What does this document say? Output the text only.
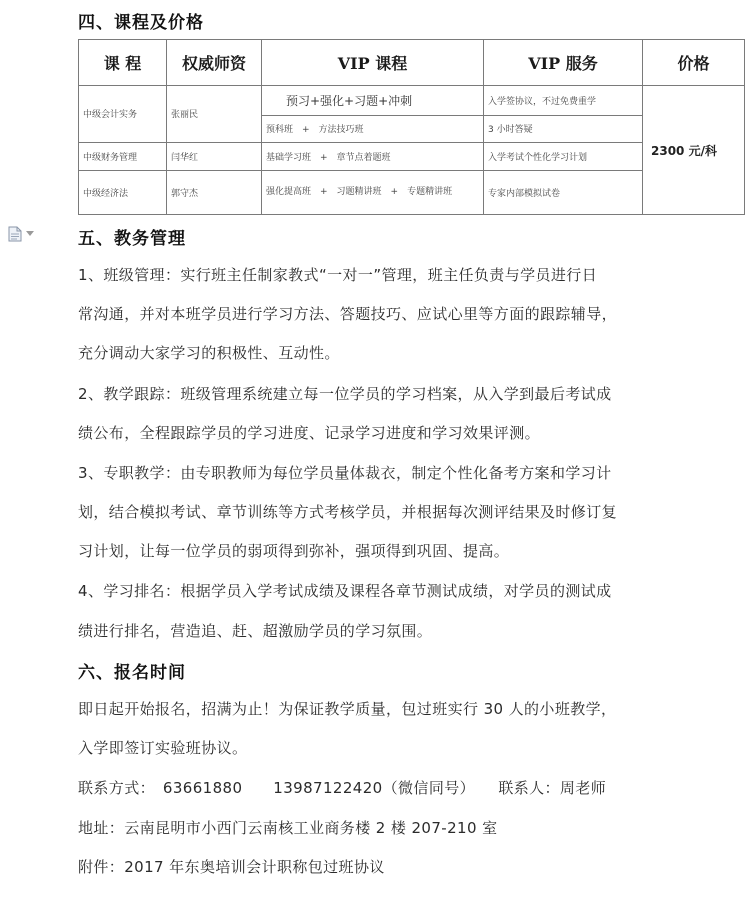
四、课程及价格
课 程	权威师资	VIP 课程	VIP 服务	价格
中级会计实务	张丽民	预习+强化+习题+冲刺	入学签协议，不过免费重学	2300 元/科
		预科班　+　方法技巧班	3 小时答疑	
中级财务管理	闫华红	基础学习班　+　章节点着题班	入学考试个性化学习计划	
中级经济法	郭守杰	强化提高班　+　习题精讲班　+　专题精讲班	专家内部模拟试卷	
五、教务管理
1、班级管理：实行班主任制家教式“一对一”管理，班主任负责与学员进行日
常沟通，并对本班学员进行学习方法、答题技巧、应试心里等方面的跟踪辅导，
充分调动大家学习的积极性、互动性。
2、教学跟踪：班级管理系统建立每一位学员的学习档案，从入学到最后考试成
绩公布，全程跟踪学员的学习进度、记录学习进度和学习效果评测。
3、专职教学：由专职教师为每位学员量体裁衣，制定个性化备考方案和学习计
划，结合模拟考试、章节训练等方式考核学员，并根据每次测评结果及时修订复
习计划，让每一位学员的弱项得到弥补，强项得到巩固、提高。
4、学习排名：根据学员入学考试成绩及课程各章节测试成绩，对学员的测试成
绩进行排名，营造追、赶、超激励学员的学习氛围。
六、报名时间
即日起开始报名，招满为止！为保证教学质量，包过班实行 30 人的小班教学，
入学即签订实验班协议。
联系方式：　63661880　　13987122420（微信同号）　　联系人：周老师
地址：云南昆明市小西门云南核工业商务楼 2 楼 207-210 室
附件：2017 年东奥培训会计职称包过班协议
